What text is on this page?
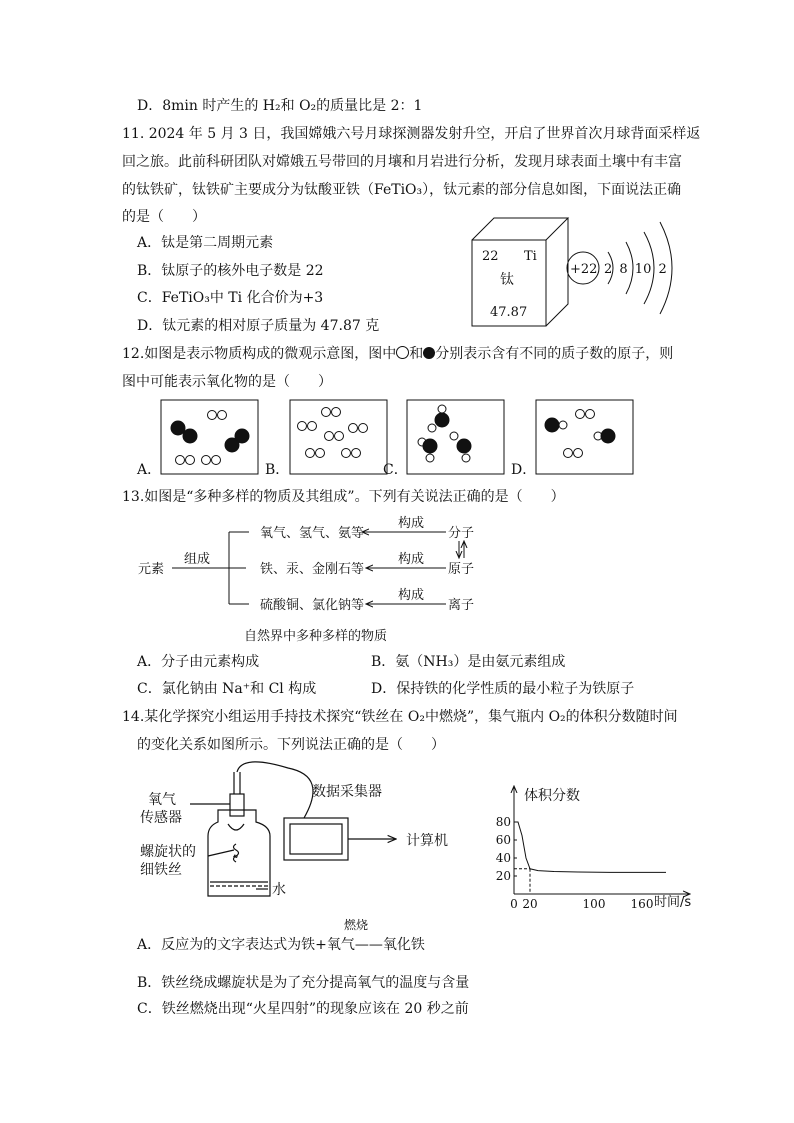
D．8min 时产生的 H₂和 O₂的质量比是 2：1
11. 2024 年 5 月 3 日，我国嫦娥六号月球探测器发射升空，开启了世界首次月球背面采样返
回之旅。此前科研团队对嫦娥五号带回的月壤和月岩进行分析，发现月球表面土壤中有丰富
的钛铁矿，钛铁矿主要成分为钛酸亚铁（FeTiO₃），钛元素的部分信息如图，下面说法正确
的是（　　）
A．钛是第二周期元素
B．钛原子的核外电子数是 22
C．FeTiO₃中 Ti 化合价为+3
D．钛元素的相对原子质量为 47.87 克
22 Ti
钛
47.87
+22 2 8 10 2
12.如图是表示物质构成的微观示意图，图中 和 分别表示含有不同的质子数的原子，则
图中可能表示氧化物的是（　　）
A．	B．	C．	D．
13.如图是“多种多样的物质及其组成”。下列有关说法正确的是（　　）
元素
组成
氧气、氢气、氨等
铁、汞、金刚石等
硫酸铜、氯化钠等
构成
构成
构成
分子
原子
离子
自然界中多种多样的物质
A．分子由元素构成	B．氨（NH₃）是由氨元素组成
C．氯化钠由 Na⁺和 Cl 构成	D．保持铁的化学性质的最小粒子为铁原子
14.某化学探究小组运用手持技术探究“铁丝在 O₂中燃烧”，集气瓶内 O₂的体积分数随时间
的变化关系如图所示。下列说法正确的是（　　）
氧气
传感器
螺旋状的
细铁丝
水
数据采集器
计算机
体积分数
时间/s
20
40
60
80
0 20	100 160
燃烧
A．反应为的文字表达式为铁+氧气——氧化铁
B．铁丝绕成螺旋状是为了充分提高氧气的温度与含量
C．铁丝燃烧出现“火星四射”的现象应该在 20 秒之前
